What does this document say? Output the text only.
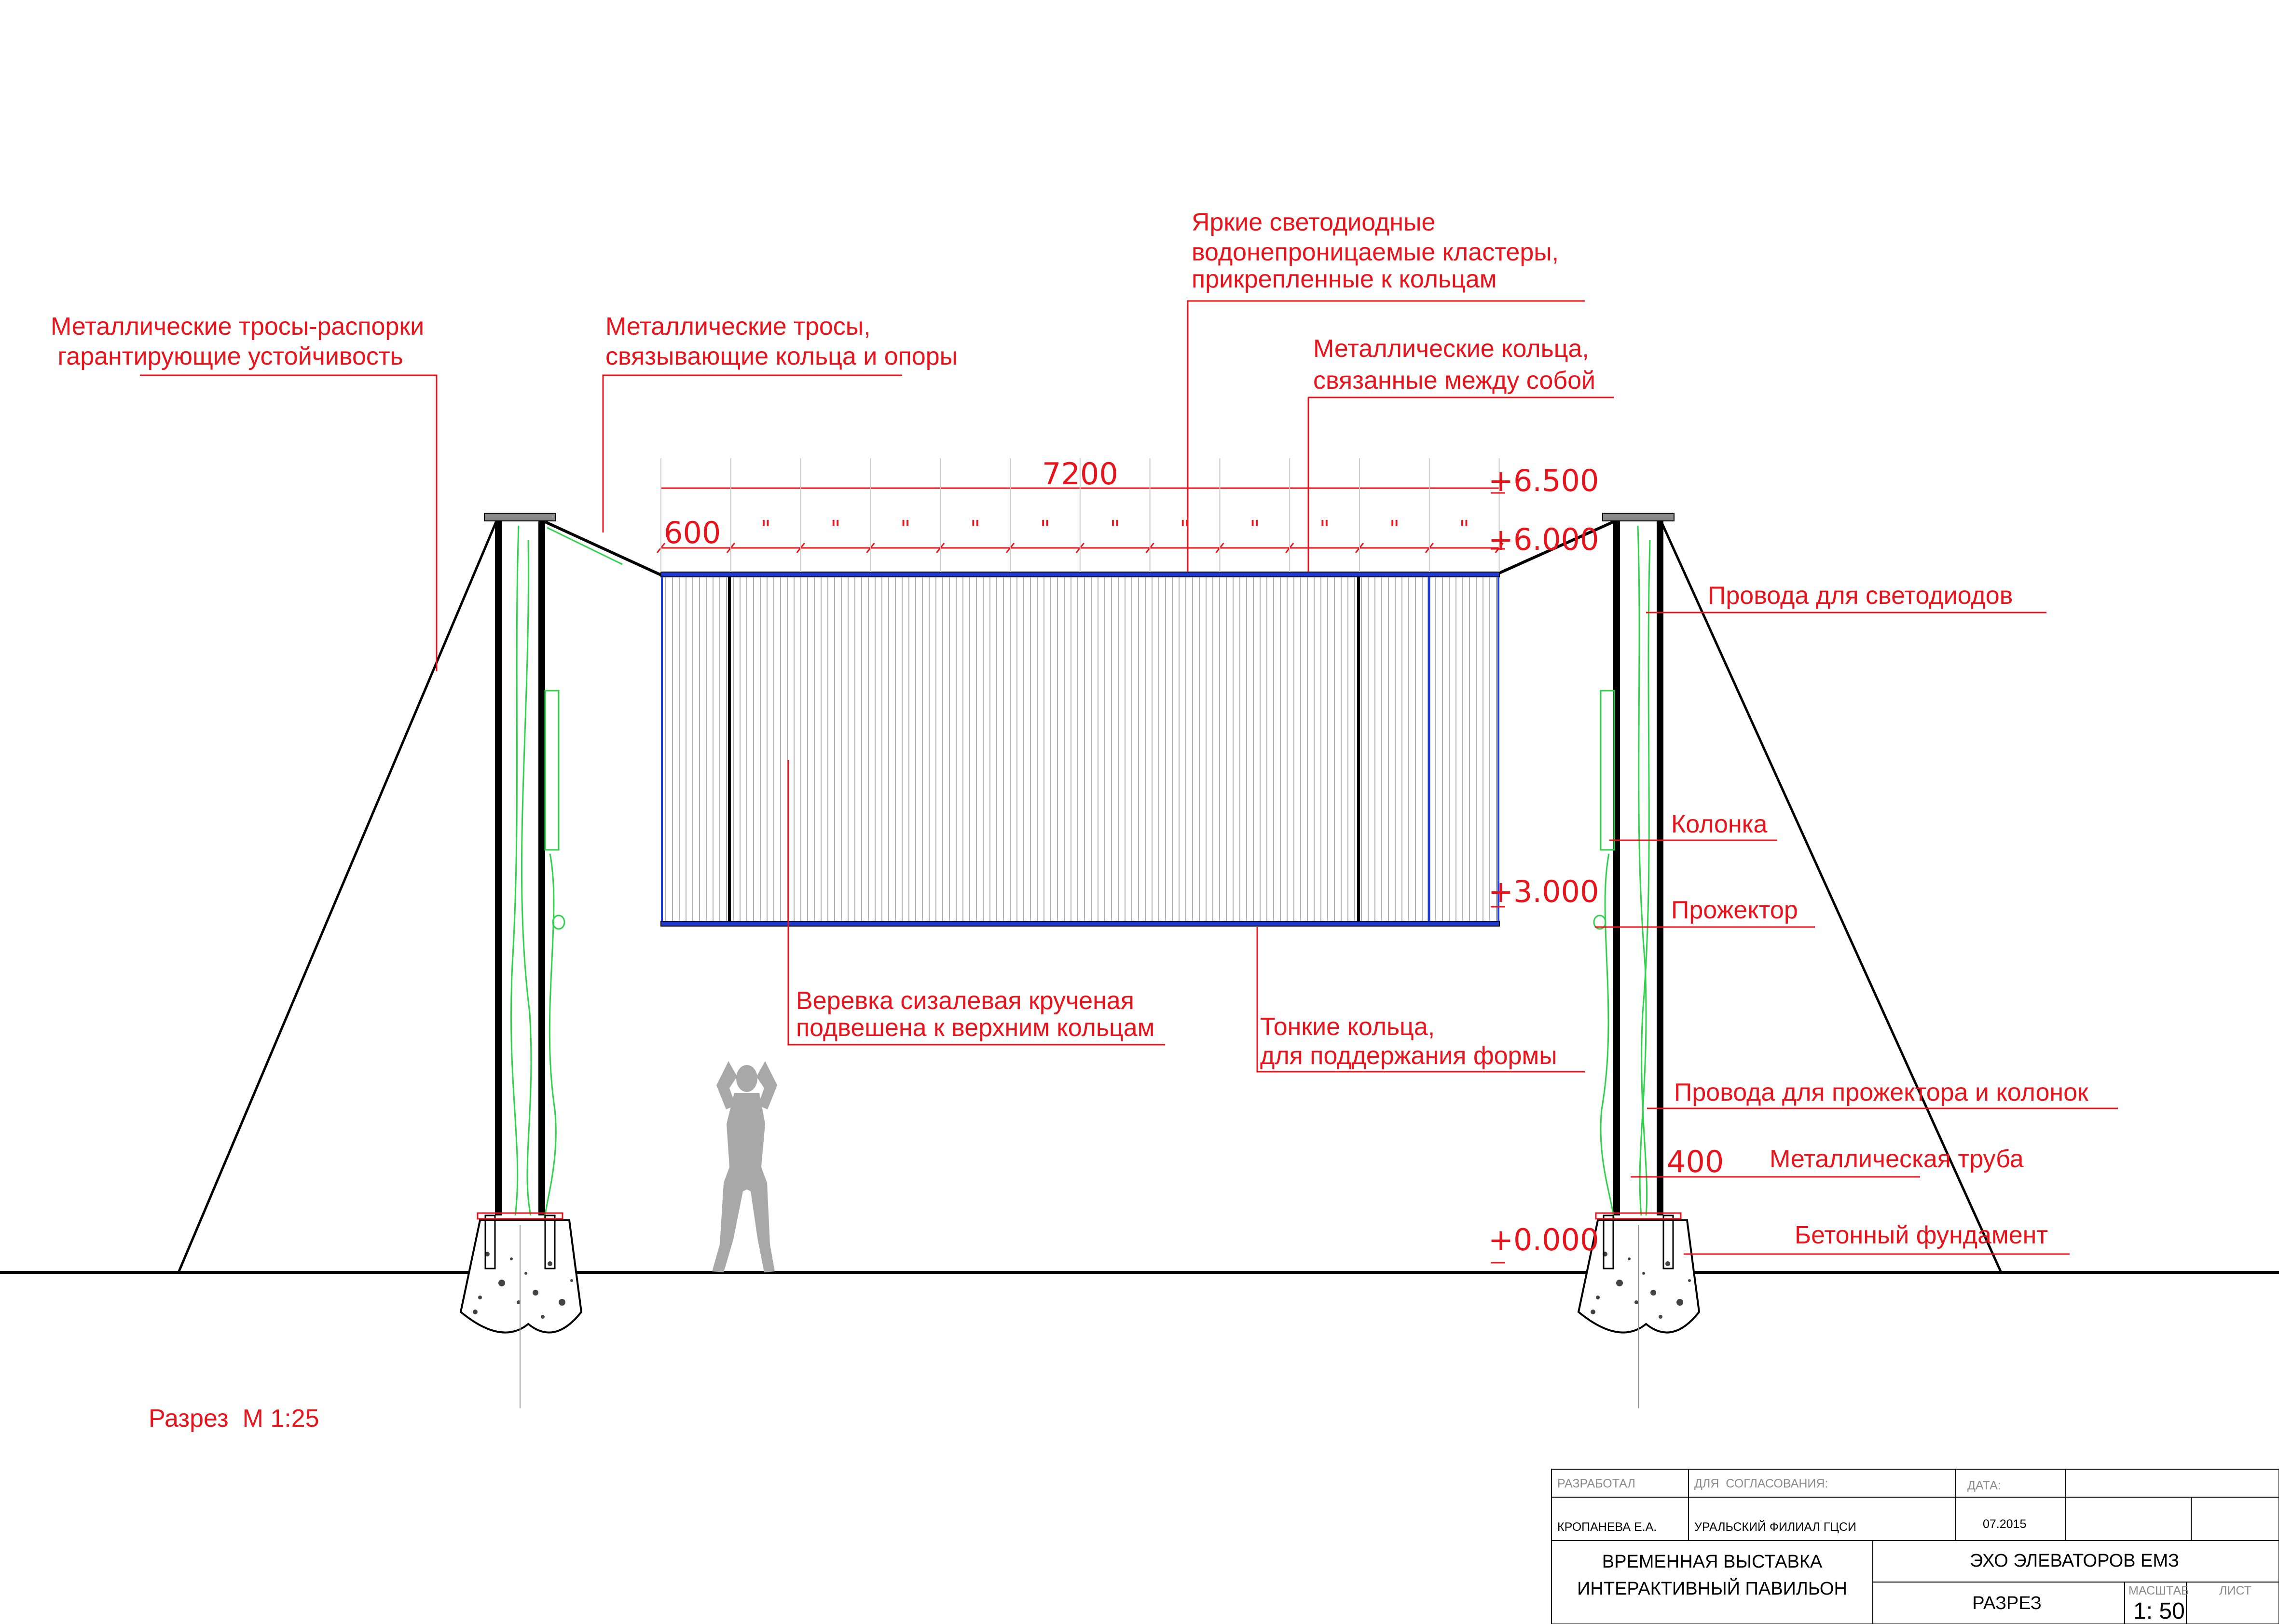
7200
600 "	"	"	"	"	"	"	"	"	"	"
+6.500
+6.000
+3.000
+0.000
400
Металлические тросы-распорки
гарантирующие устойчивость
Металлические тросы,
связывающие кольца и опоры
Яркие светодиодные
водонепроницаемые кластеры,
прикрепленные к кольцам
Металлические кольца,
связанные между собой
Провода для светодиодов
Колонка
Прожектор
Веревка сизалевая крученая
подвешена к верхним кольцам	Тонкие кольца,
для поддержания формы
Провода для прожектора и колонок
Металлическая труба
Бетонный фундамент
Разрез  М 1:25
РАЗРАБОТАЛ	ДЛЯ  СОГЛАСОВАНИЯ:	ДАТА:
КРОПАНЕВА Е.А.	УРАЛЬСКИЙ ФИЛИАЛ ГЦСИ	07.2015
ВРЕМЕННАЯ ВЫСТАВКА
ИНТЕРАКТИВНЫЙ ПАВИЛЬОН
ЭХО ЭЛЕВАТОРОВ ЕМЗ
РАЗРЕЗ
МАСШТАБ	ЛИСТ
1: 50
